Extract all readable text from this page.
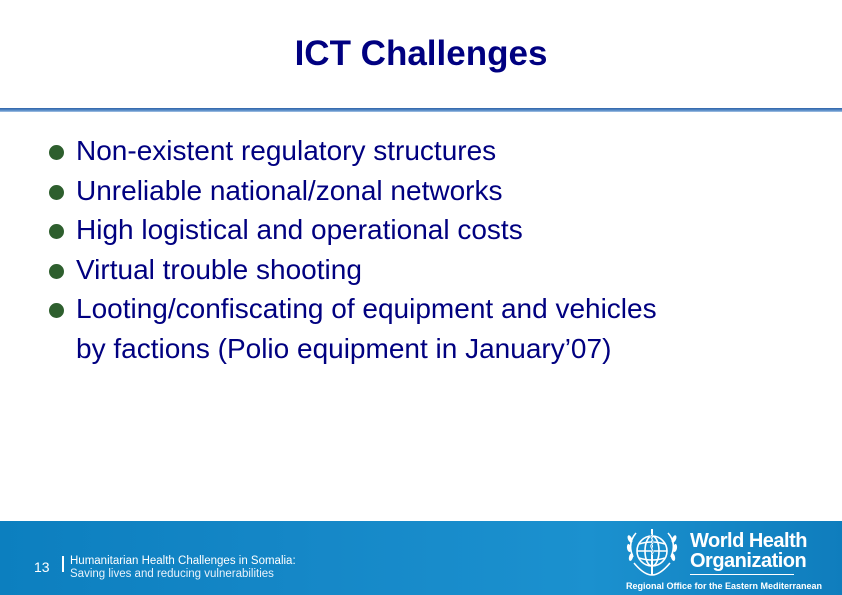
ICT Challenges
Non-existent regulatory structures
Unreliable national/zonal networks
High logistical and operational costs
Virtual trouble shooting
Looting/confiscating of equipment and vehicles
by factions (Polio equipment in January’07)
13 Humanitarian Health Challenges in Somalia:
Saving lives and reducing vulnerabilities
World Health
Organization
Regional Office for the Eastern Mediterranean
